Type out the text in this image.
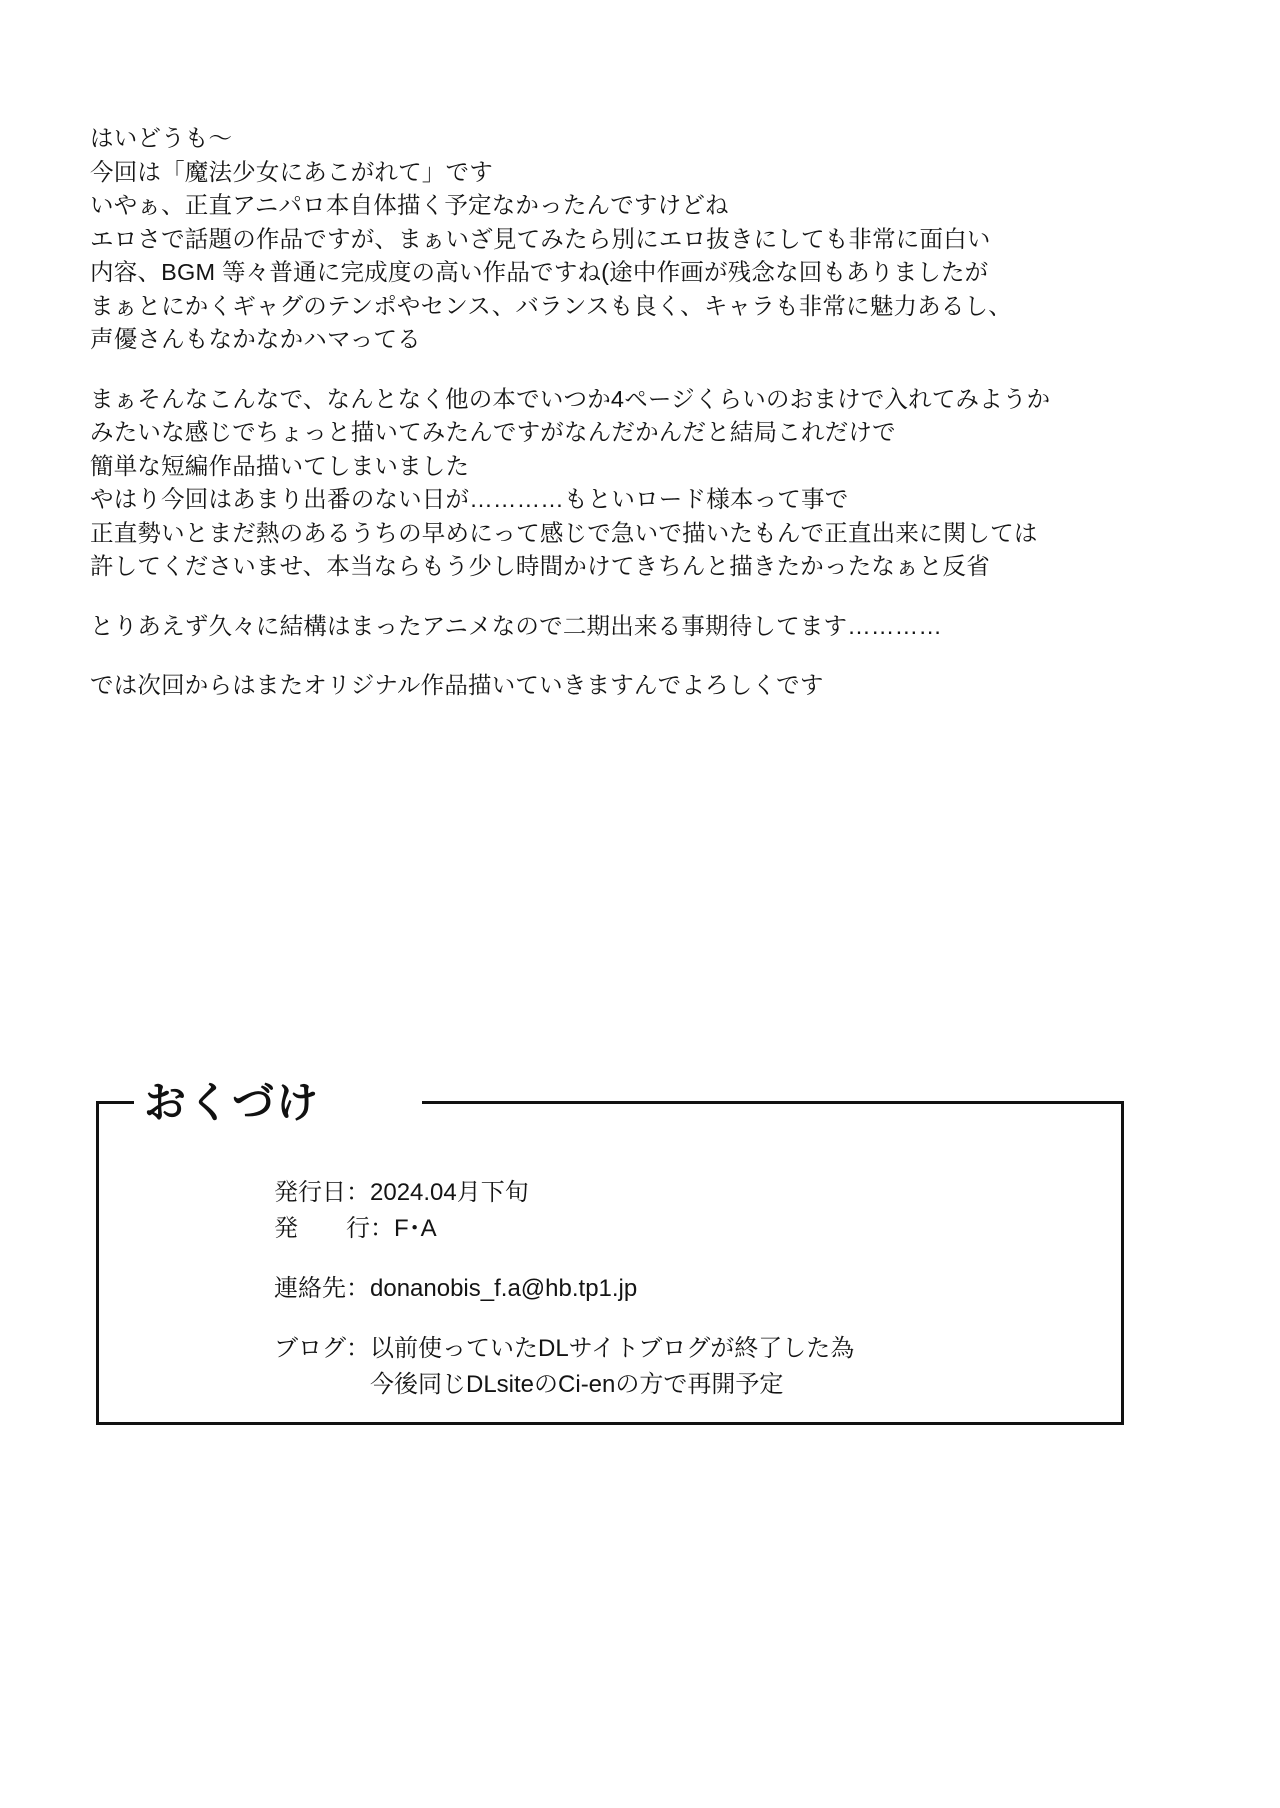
はいどうも〜
今回は「魔法少女にあこがれて」です
いやぁ、正直アニパロ本自体描く予定なかったんですけどね
エロさで話題の作品ですが、まぁいざ見てみたら別にエロ抜きにしても非常に面白い
内容、BGM 等々普通に完成度の高い作品ですね(途中作画が残念な回もありましたが
まぁとにかくギャグのテンポやセンス、バランスも良く、キャラも非常に魅力あるし、
声優さんもなかなかハマってる
まぁそんなこんなで、なんとなく他の本でいつか4ページくらいのおまけで入れてみようか
みたいな感じでちょっと描いてみたんですがなんだかんだと結局これだけで
簡単な短編作品描いてしまいました
やはり今回はあまり出番のない日が…………もといロード様本って事で
正直勢いとまだ熱のあるうちの早めにって感じで急いで描いたもんで正直出来に関しては
許してくださいませ、本当ならもう少し時間かけてきちんと描きたかったなぁと反省
とりあえず久々に結構はまったアニメなので二期出来る事期待してます…………
では次回からはまたオリジナル作品描いていきますんでよろしくです
おくづけ
発行日：2024.04月下旬
発　　行：F･A
連絡先：donanobis_f.a@hb.tp1.jp
ブログ：以前使っていたDLサイトブログが終了した為
今後同じDLsiteのCi-enの方で再開予定
